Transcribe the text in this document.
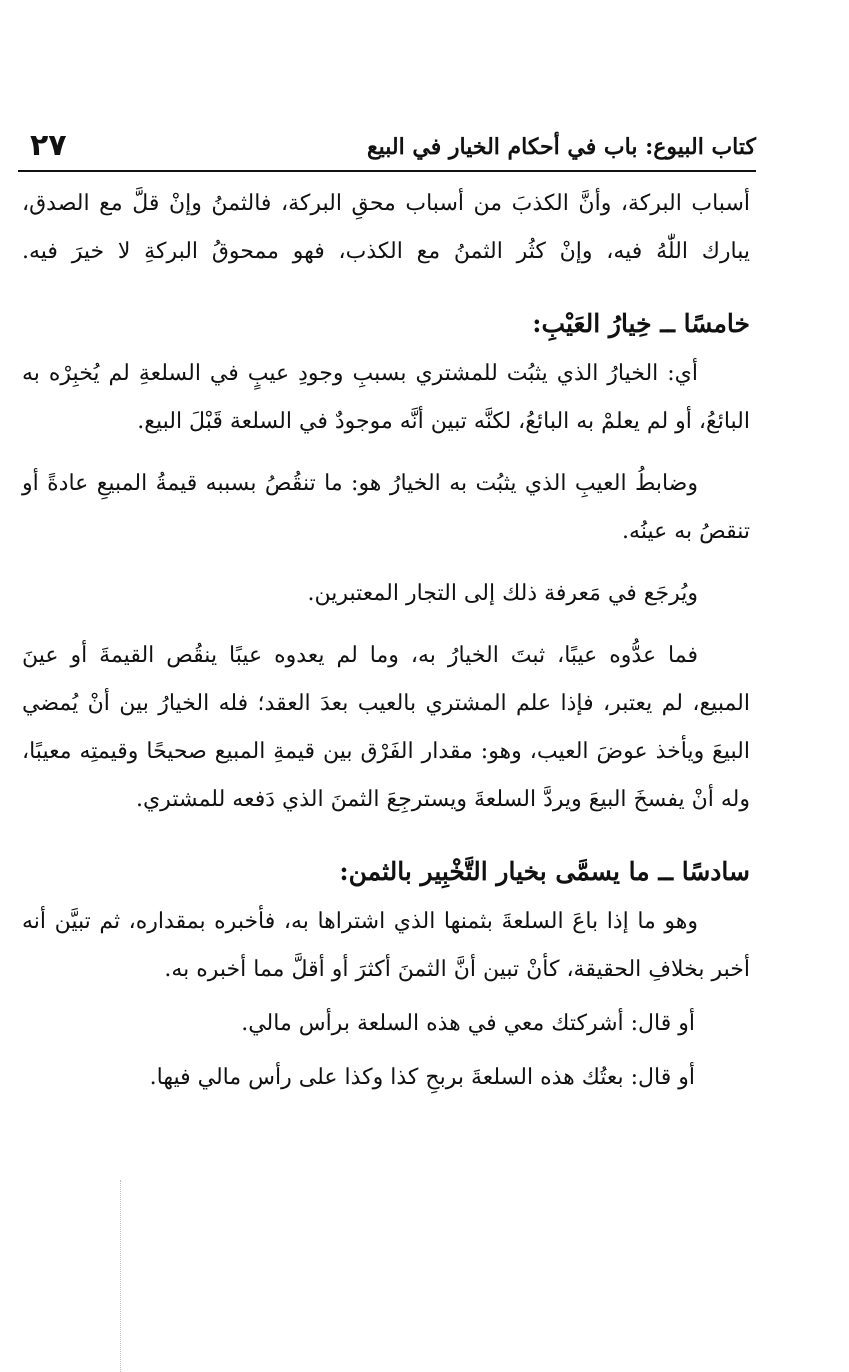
٢٧	كتاب البيوع: باب في أحكام الخيار في البيع

أسباب البركة، وأنَّ الكذبَ من أسباب محقِ البركة، فالثمنُ وإنْ قلَّ مع الصدق، يبارك اللّٰهُ فيه، وإنْ كثُر الثمنُ مع الكذب، فهو ممحوقُ البركةِ لا خيرَ فيه.

خامسًا ــ خِيارُ العَيْبِ:

أي: الخيارُ الذي يثبُت للمشتري بسببِ وجودِ عيبٍ في السلعةِ لم يُخبِرْه به البائعُ، أو لم يعلمْ به البائعُ، لكنَّه تبين أنَّه موجودٌ في السلعة قَبْلَ البيع.

وضابطُ العيبِ الذي يثبُت به الخيارُ هو: ما تنقُصُ بسببه قيمةُ المبيعِ عادةً أو تنقصُ به عينُه.

ويُرجَع في مَعرفة ذلك إلى التجار المعتبرين.

فما عدُّوه عيبًا، ثبتَ الخيارُ به، وما لم يعدوه عيبًا ينقُص القيمةَ أو عينَ المبيع، لم يعتبر، فإذا علم المشتري بالعيب بعدَ العقد؛ فله الخيارُ بين أنْ يُمضي البيعَ ويأخذ عوضَ العيب، وهو: مقدار الفَرْق بين قيمةِ المبيع صحيحًا وقيمتِه معيبًا، وله أنْ يفسخَ البيعَ ويردَّ السلعةَ ويسترجِعَ الثمنَ الذي دَفعه للمشتري.

سادسًا ــ ما يسمَّى بخيار التَّخْبِير بالثمن:

وهو ما إذا باعَ السلعةَ بثمنها الذي اشتراها به، فأخبره بمقداره، ثم تبيَّن أنه أخبر بخلافِ الحقيقة، كأنْ تبين أنَّ الثمنَ أكثرَ أو أقلَّ مما أخبره به.

أو قال: أشركتك معي في هذه السلعة برأس مالي.

أو قال: بعتُك هذه السلعةَ بربحِ كذا وكذا على رأس مالي فيها.
